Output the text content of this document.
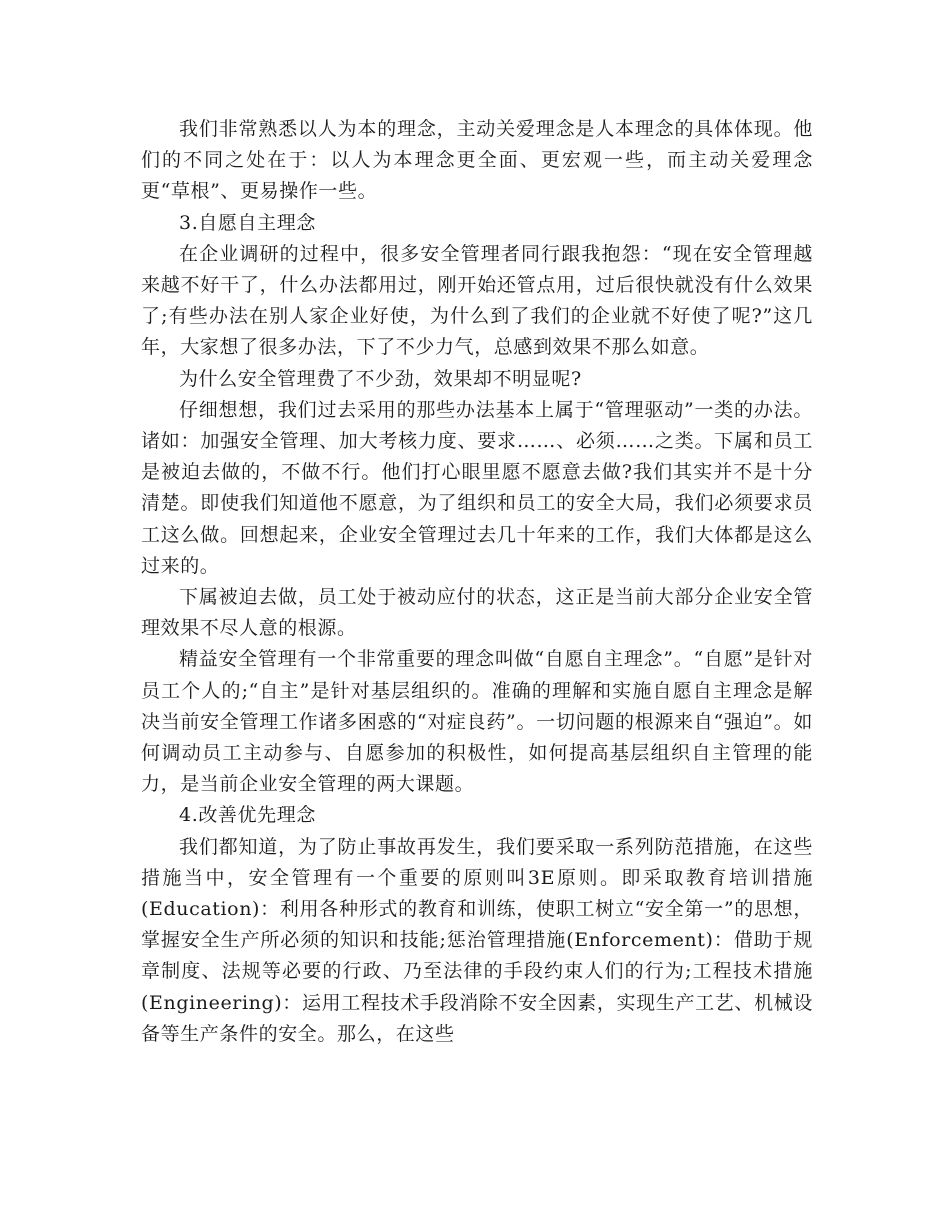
我们非常熟悉以人为本的理念，主动关爱理念是人本理念的具体体现。他们的不同之处在于：以人为本理念更全面、更宏观一些，而主动关爱理念更“草根”、更易操作一些。

3.自愿自主理念

在企业调研的过程中，很多安全管理者同行跟我抱怨：“现在安全管理越来越不好干了，什么办法都用过，刚开始还管点用，过后很快就没有什么效果了;有些办法在别人家企业好使，为什么到了我们的企业就不好使了呢?”这几年，大家想了很多办法，下了不少力气，总感到效果不那么如意。

为什么安全管理费了不少劲，效果却不明显呢?

仔细想想，我们过去采用的那些办法基本上属于“管理驱动”一类的办法。诸如：加强安全管理、加大考核力度、要求……、必须……之类。下属和员工是被迫去做的，不做不行。他们打心眼里愿不愿意去做?我们其实并不是十分清楚。即使我们知道他不愿意，为了组织和员工的安全大局，我们必须要求员工这么做。回想起来，企业安全管理过去几十年来的工作，我们大体都是这么过来的。

下属被迫去做，员工处于被动应付的状态，这正是当前大部分企业安全管理效果不尽人意的根源。

精益安全管理有一个非常重要的理念叫做“自愿自主理念”。“自愿”是针对员工个人的;“自主”是针对基层组织的。准确的理解和实施自愿自主理念是解决当前安全管理工作诸多困惑的“对症良药”。一切问题的根源来自“强迫”。如何调动员工主动参与、自愿参加的积极性，如何提高基层组织自主管理的能力，是当前企业安全管理的两大课题。

4.改善优先理念

我们都知道，为了防止事故再发生，我们要采取一系列防范措施，在这些措施当中，安全管理有一个重要的原则叫3E原则。即采取教育培训措施(Education)：利用各种形式的教育和训练，使职工树立“安全第一”的思想，掌握安全生产所必须的知识和技能;惩治管理措施(Enforcement)：借助于规章制度、法规等必要的行政、乃至法律的手段约束人们的行为;工程技术措施(Engineering)：运用工程技术手段消除不安全因素，实现生产工艺、机械设备等生产条件的安全。那么，在这些
